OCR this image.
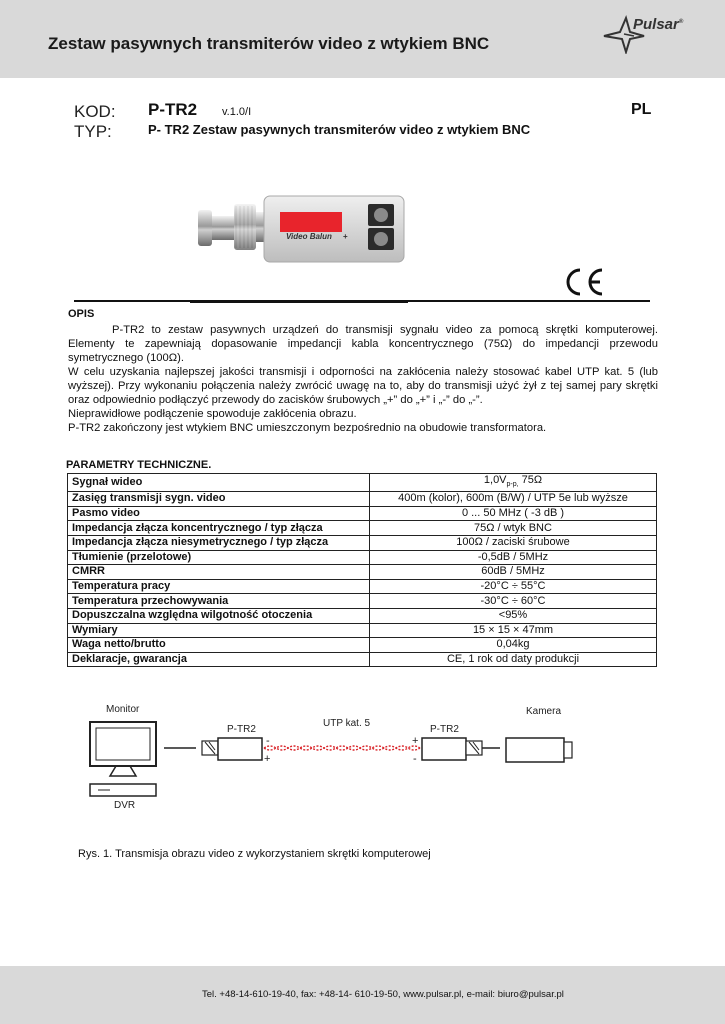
Zestaw pasywnych transmiterów video z wtykiem BNC
Pulsar®
KOD:
TYP:
P-TR2 v.1.0/I	PL
P- TR2 Zestaw pasywnych transmiterów video z wtykiem BNC
Video Balun +
OPIS

P-TR2 to zestaw pasywnych urządzeń do transmisji sygnału video za pomocą skrętki komputerowej. Elementy te zapewniają dopasowanie impedancji kabla koncentrycznego (75Ω) do impedancji przewodu symetrycznego (100Ω).

W celu uzyskania najlepszej jakości transmisji i odporności na zakłócenia należy stosować kabel UTP kat. 5 (lub wyższej). Przy wykonaniu połączenia należy zwrócić uwagę na to, aby do transmisji użyć żył z tej samej pary skrętki oraz odpowiednio podłączyć przewody do zacisków śrubowych „+” do „+” i „-” do „-”.

Nieprawidłowe podłączenie spowoduje zakłócenia obrazu.

P-TR2 zakończony jest wtykiem BNC umieszczonym bezpośrednio na obudowie transformatora.

PARAMETRY TECHNICZNE.
Sygnał wideo	$1,0V_{p-p,}$ 75Ω
Zasięg transmisji sygn. video	400m (kolor), 600m (B/W) / UTP 5e lub wyższe
Pasmo video	0 ... 50 MHz ( -3 dB )
Impedancja złącza koncentrycznego / typ złącza	75Ω / wtyk BNC
Impedancja złącza niesymetrycznego / typ złącza	100Ω / zaciski śrubowe
Tłumienie (przelotowe)	-0,5dB / 5MHz
CMRR	60dB / 5MHz
Temperatura pracy	-20°C ÷ 55°C
Temperatura przechowywania	-30°C ÷ 60°C
Dopuszczalna względna wilgotność otoczenia	<95%
Wymiary	15 × 15 × 47mm
Waga netto/brutto	0,04kg
Deklaracje, gwarancja	CE, 1 rok od daty produkcji
Monitor
DVR
P-TR2
-
+
UTP kat. 5
P-TR2
+
-
Kamera
Rys. 1. Transmisja obrazu video z wykorzystaniem skrętki komputerowej
Tel. +48-14-610-19-40, fax: +48-14- 610-19-50, www.pulsar.pl, e-mail: biuro@pulsar.pl
